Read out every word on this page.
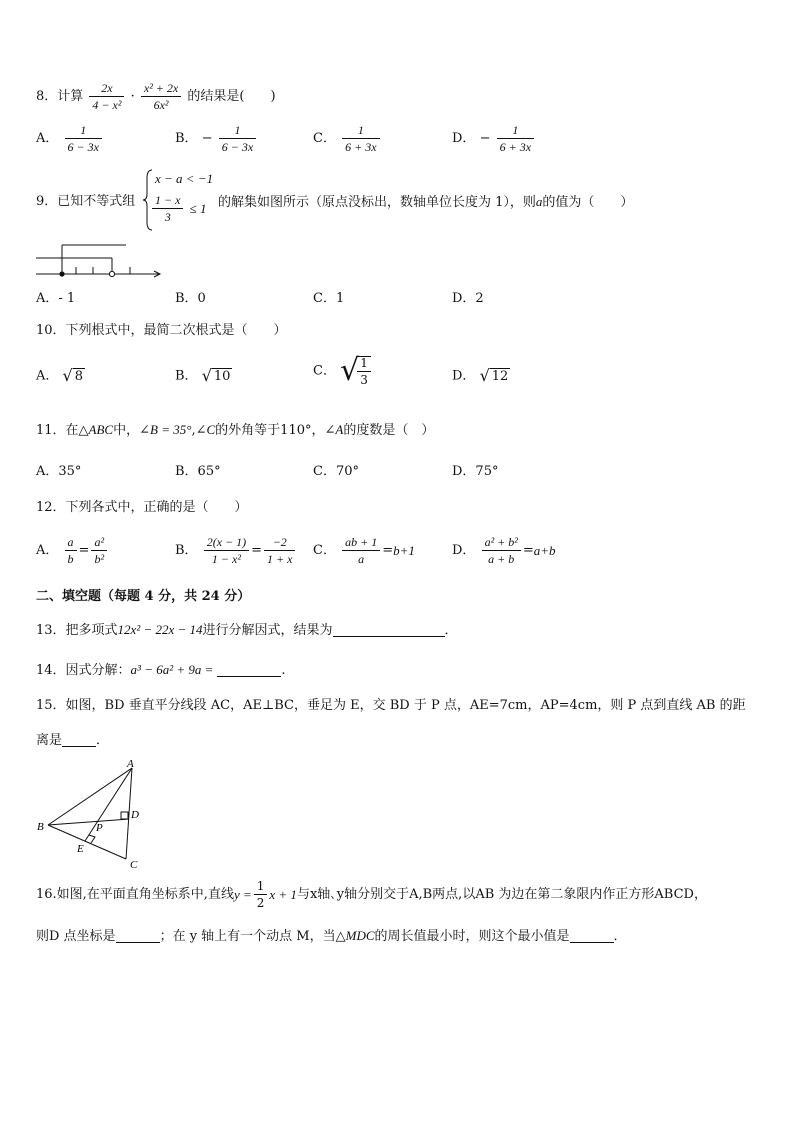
8．计算 $\frac{2x}{\text{4 − x²}} \cdot \frac{\text{x² + 2x}}{\text{6x²}}$ 的结果是(　　)
A． $\frac{1}{6 - 3x}$	B． − $\frac{1}{6 - 3x}$	C． $\frac{1}{6 + 3x}$	D． − $\frac{1}{6 + 3x}$
9．已知不等式组
x − a < −1
$\frac{1 - x}{3} \le 1$ 的解集如图所示（原点没标出，数轴单位长度为 1），则a的值为（　　）
A．- 1	B．0	C．1	D．2
10．下列根式中，最简二次根式是（　　）
A． √ 8	B． √ 10	C． √
$\frac{1}{3}$	D． √ 12
11．在△ABC中，∠B = 35°,∠C的外角等于110°，∠A的度数是（　）
A．35°	B．65°	C．70°	D．75°
12．下列各式中，正确的是（　　）
A． $\frac{a}{b} = \frac{\text{a²}}{\text{b²}}$	B． $\frac{2(x - 1)}{\text{1 − x²}} = \frac{-2}{1 + x}$ C． $\frac{ab + 1}{a} =b+1$	D． $\frac{\text{a² + b²}}{a + b} =a+b$
二、填空题（每题 4 分，共 24 分）
13．把多项式12x² − 22x − 14进行分解因式，结果为	．
14．因式分解：a³ − 6a² + 9a =	.
15．如图，BD 垂直平分线段 AC，AE⊥BC，垂足为 E，交 BD 于 P 点，AE=7cm，AP=4cm，则 P 点到直线 AB 的距
离是	．
A
B
C
D
E
P
16.如图,在平面直角坐标系中,直线$y = \frac{1}{2}$ x + 1与x轴､y轴分别交于A,B两点,以AB 为边在第二象限内作正方形ABCD，
则D 点坐标是	；在 y 轴上有一个动点 M，当△MDC的周长值最小时，则这个最小值是	．
